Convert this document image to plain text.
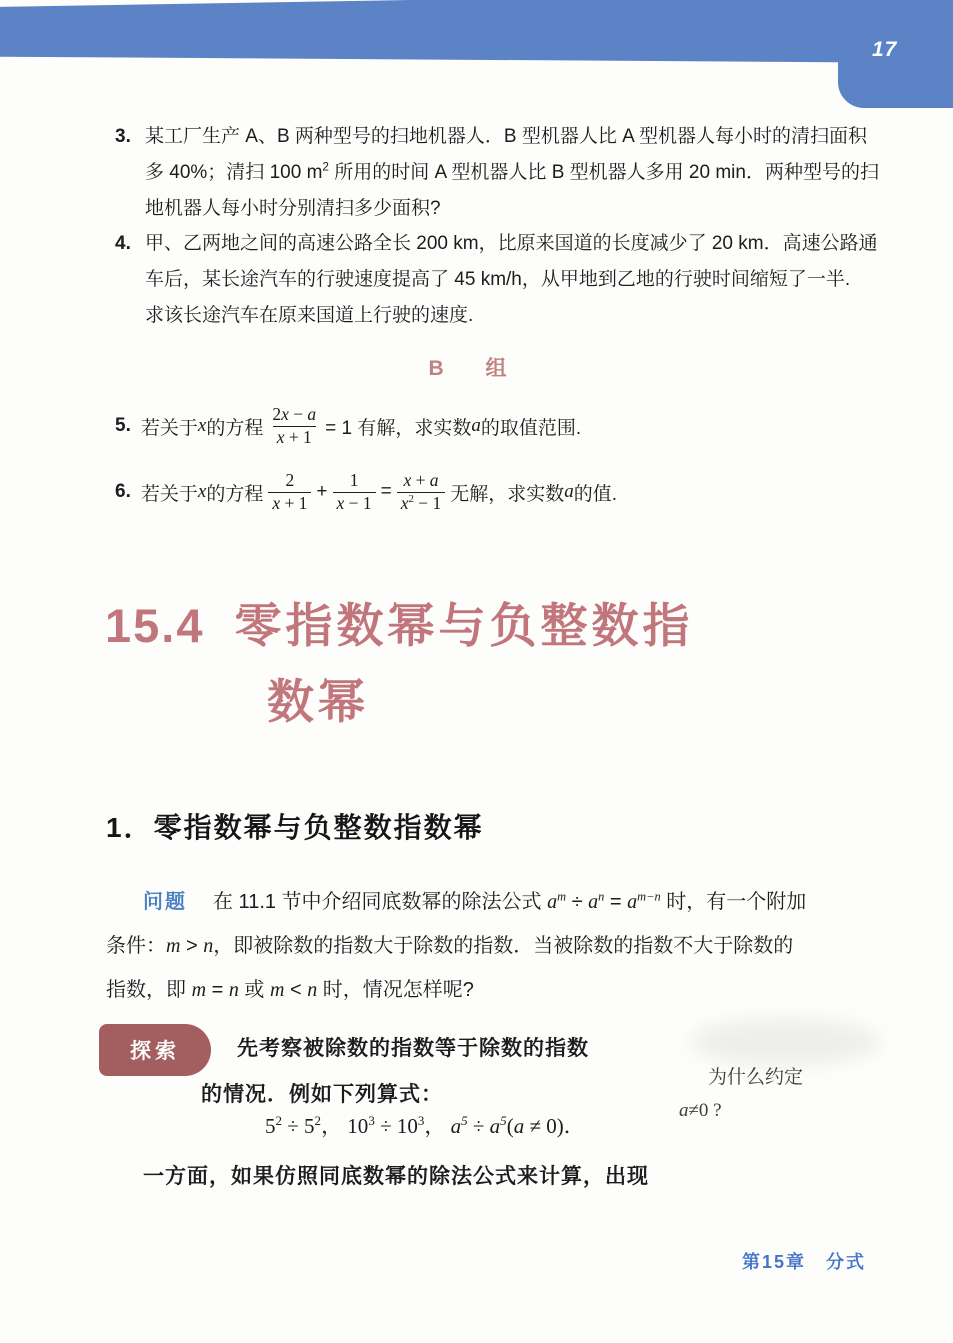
17
3. 某工厂生产 A、B 两种型号的扫地机器人．B 型机器人比 A 型机器人每小时的清扫面积
多 40%；清扫 100 $m^2$ 所用的时间 A 型机器人比 B 型机器人多用 20 min．两种型号的扫
地机器人每小时分别清扫多少面积?
4. 甲、乙两地之间的高速公路全长 200 km，比原来国道的长度减少了 20 km．高速公路通
车后，某长途汽车的行驶速度提高了 45 km/h，从甲地到乙地的行驶时间缩短了一半.
求该长途汽车在原来国道上行驶的速度.
B 组
5. 若关于 x 的方程 $\frac{2x - a}{x + 1} = 1$ 有解，求实数 a 的取值范围.
6. 若关于 x 的方程 $\frac{2}{x + 1} + \frac{1}{x - 1} = \frac{x + a}{x^2 - 1}$ 无解，求实数 a 的值.
15.4 零指数幂与负整数指
数幂
1．零指数幂与负整数指数幂
问题 在 11.1 节中介绍同底数幂的除法公式 $a^m \div a^n = a^{m-n}$ 时，有一个附加
条件：m > n，即被除数的指数大于除数的指数．当被除数的指数不大于除数的
指数，即 m = n 或 m < n 时，情况怎样呢?
探索	先考察被除数的指数等于除数的指数
的情况．例如下列算式：
$5^2 \div 5^2$， $10^3 \div 10^3$， $a^5 \div a^5(a \ne 0)$．
为什么约定
a≠0 ?
一方面，如果仿照同底数幂的除法公式来计算，出现
第15章　分式
